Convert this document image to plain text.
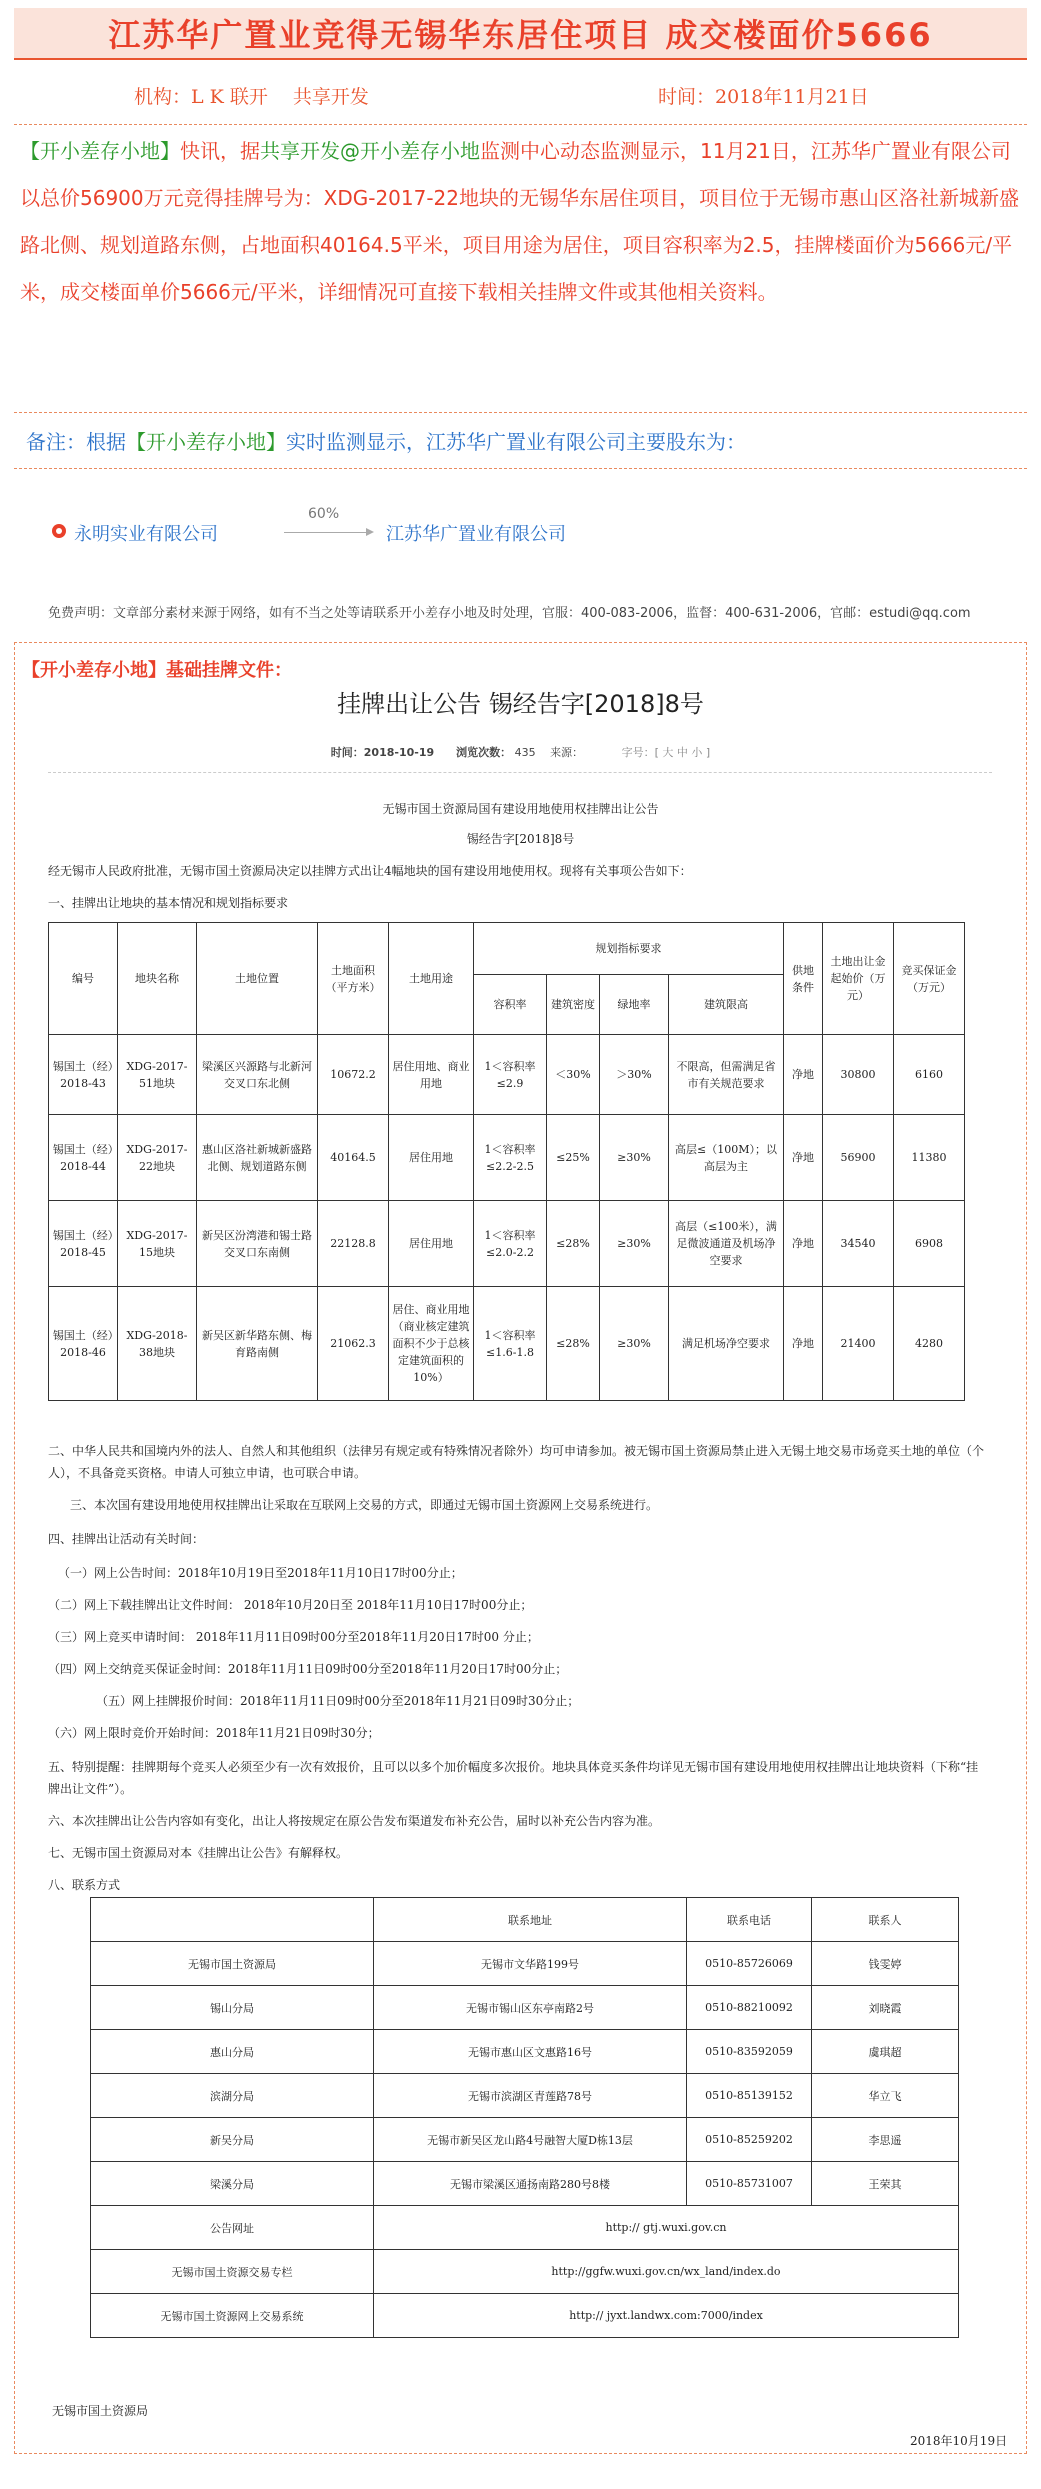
江苏华广置业竞得无锡华东居住项目 成交楼面价5666
机构：L K 联开　 共享开发	时间：2018年11月21日
【开小差存小地】快讯，据共享开发@开小差存小地监测中心动态监测显示，11月21日，江苏华广置业有限公司以总价56900万元竞得挂牌号为：XDG-2017-22地块的无锡华东居住项目，项目位于无锡市惠山区洛社新城新盛路北侧、规划道路东侧，占地面积40164.5平米，项目用途为居住，项目容积率为2.5，挂牌楼面价为5666元/平米，成交楼面单价5666元/平米，详细情况可直接下载相关挂牌文件或其他相关资料。
备注：根据【开小差存小地】实时监测显示，江苏华广置业有限公司主要股东为：
永明实业有限公司
60%
江苏华广置业有限公司
免费声明：文章部分素材来源于网络，如有不当之处等请联系开小差存小地及时处理，官服：400-083-2006，监督：400-631-2006，官邮：estudi@qq.com
【开小差存小地】基础挂牌文件：
挂牌出让公告 锡经告字[2018]8号
时间：2018-10-19　　 浏览次数： 435　 来源：　　　　	字号：[ 大 中 小 ]
无锡市国土资源局国有建设用地使用权挂牌出让公告
锡经告字[2018]8号
经无锡市人民政府批准，无锡市国土资源局决定以挂牌方式出让4幅地块的国有建设用地使用权。现将有关事项公告如下：
一、挂牌出让地块的基本情况和规划指标要求
编号	地块名称	土地位置	土地面积（平方米）	土地用途	规划指标要求				供地条件	土地出让金起始价（万元）	竞买保证金（万元）
					容积率	建筑密度	绿地率	建筑限高			
锡国土（经）2018-43	XDG-2017-51地块	梁溪区兴源路与北新河交叉口东北侧	10672.2	居住用地、商业用地	1＜容积率≤2.9	＜30%	＞30%	不限高，但需满足省市有关规范要求	净地	30800	6160
锡国土（经）2018-44	XDG-2017-22地块	惠山区洛社新城新盛路北侧、规划道路东侧	40164.5	居住用地	1＜容积率≤2.2-2.5	≤25%	≥30%	高层≤（100M）；以高层为主	净地	56900	11380
锡国土（经）2018-45	XDG-2017-15地块	新吴区汾湾港和锡士路交叉口东南侧	22128.8	居住用地	1＜容积率≤2.0-2.2	≤28%	≥30%	高层（≤100米），满足微波通道及机场净空要求	净地	34540	6908
锡国土（经）2018-46	XDG-2018-38地块	新吴区新华路东侧、梅育路南侧	21062.3	居住、商业用地（商业核定建筑面积不少于总核定建筑面积的10%）	1＜容积率≤1.6-1.8	≤28%	≥30%	满足机场净空要求	净地	21400	4280
二、中华人民共和国境内外的法人、自然人和其他组织（法律另有规定或有特殊情况者除外）均可申请参加。被无锡市国土资源局禁止进入无锡土地交易市场竞买土地的单位（个人），不具备竞买资格。申请人可独立申请，也可联合申请。
三、本次国有建设用地使用权挂牌出让采取在互联网上交易的方式，即通过无锡市国土资源网上交易系统进行。
四、挂牌出让活动有关时间：
（一）网上公告时间：2018年10月19日至2018年11月10日17时00分止；
（二）网上下载挂牌出让文件时间： 2018年10月20日至 2018年11月10日17时00分止；
（三）网上竞买申请时间： 2018年11月11日09时00分至2018年11月20日17时00 分止；
（四）网上交纳竞买保证金时间：2018年11月11日09时00分至2018年11月20日17时00分止；
（五）网上挂牌报价时间：2018年11月11日09时00分至2018年11月21日09时30分止；
（六）网上限时竞价开始时间：2018年11月21日09时30分；
五、特别提醒：挂牌期每个竞买人必须至少有一次有效报价，且可以以多个加价幅度多次报价。地块具体竞买条件均详见无锡市国有建设用地使用权挂牌出让地块资料（下称“挂牌出让文件”）。
六、本次挂牌出让公告内容如有变化，出让人将按规定在原公告发布渠道发布补充公告，届时以补充公告内容为准。
七、无锡市国土资源局对本《挂牌出让公告》有解释权。
八、联系方式
	联系地址	联系电话	联系人
无锡市国土资源局	无锡市文华路199号	0510-85726069	钱雯婷
锡山分局	无锡市锡山区东亭南路2号	0510-88210092	刘晓霞
惠山分局	无锡市惠山区文惠路16号	0510-83592059	虞琪超
滨湖分局	无锡市滨湖区青莲路78号	0510-85139152	华立飞
新吴分局	无锡市新吴区龙山路4号融智大厦D栋13层	0510-85259202	李思遥
梁溪分局	无锡市梁溪区通扬南路280号8楼	0510-85731007	王荣其
公告网址	http:// gtj.wuxi.gov.cn		
无锡市国土资源交易专栏	http://ggfw.wuxi.gov.cn/wx_land/index.do		
无锡市国土资源网上交易系统	http:// jyxt.landwx.com:7000/index		
无锡市国土资源局
2018年10月19日
